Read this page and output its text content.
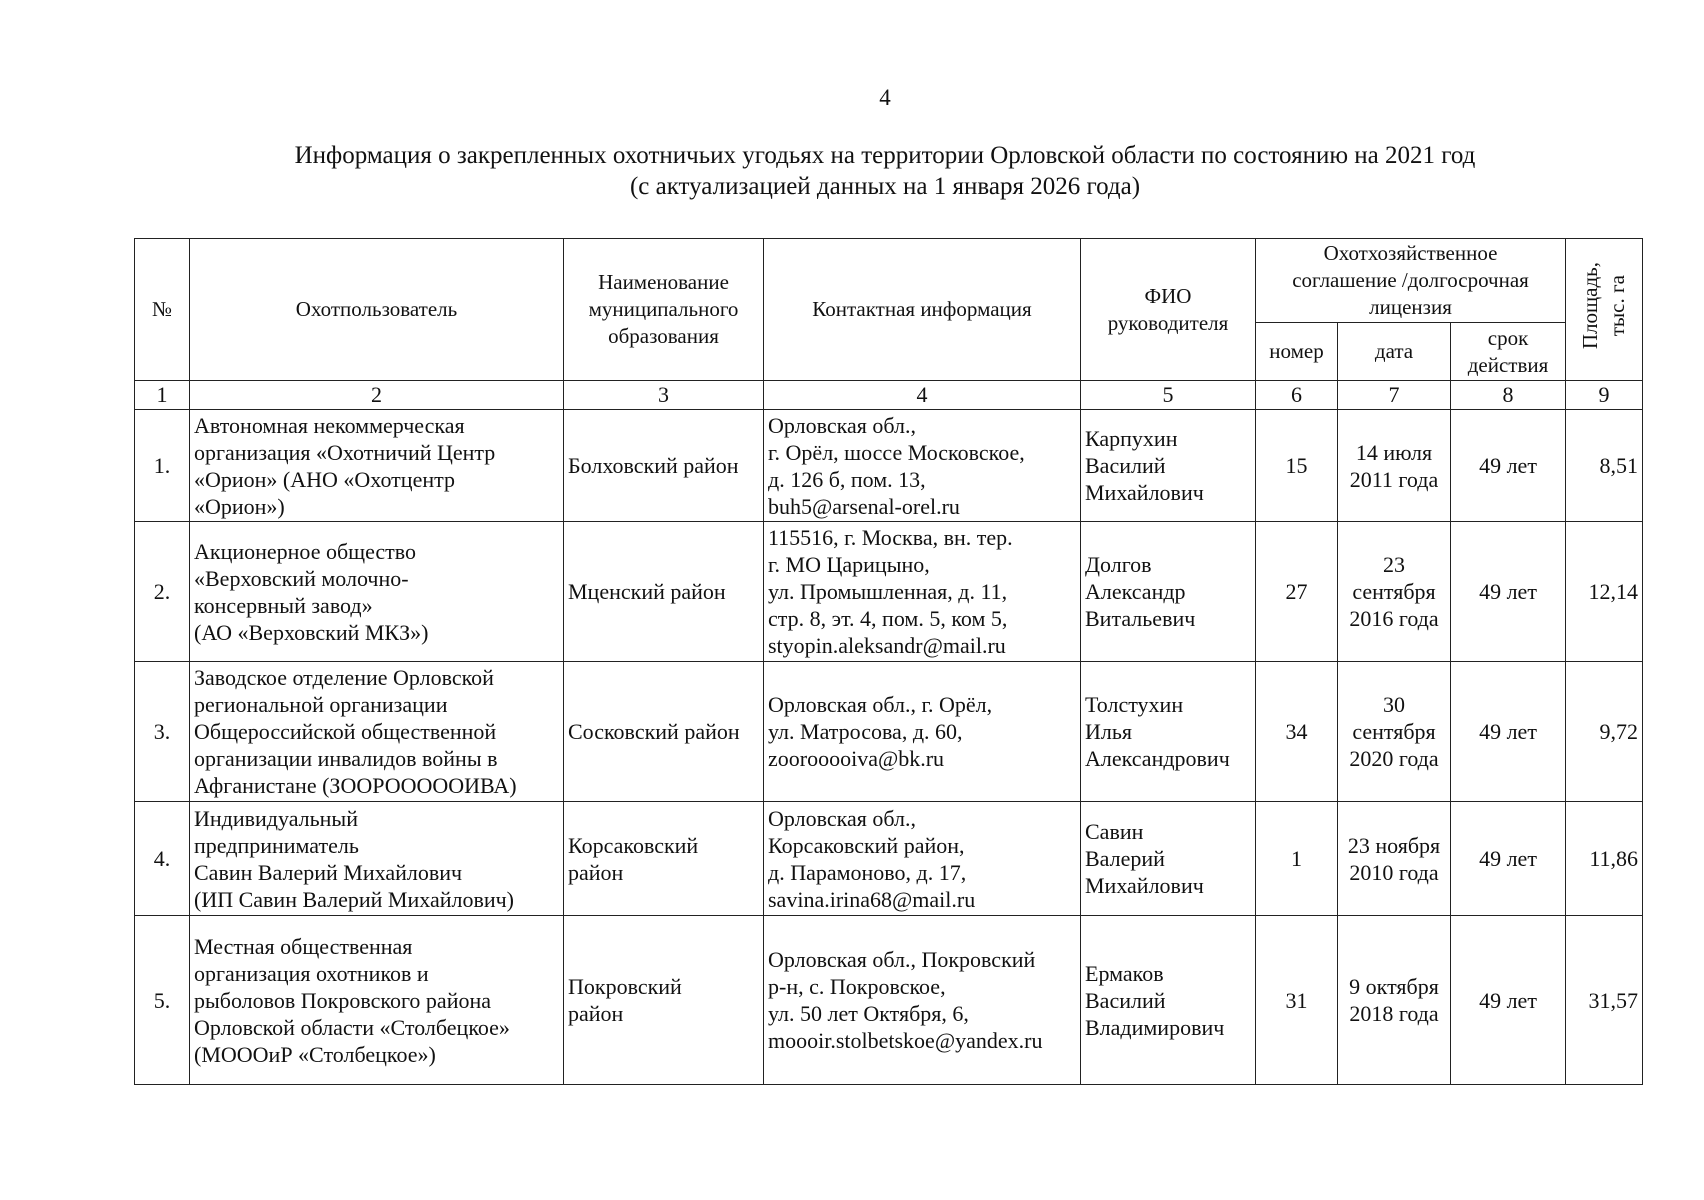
4
Информация о закрепленных охотничьих угодьях на территории Орловской области по состоянию на 2021 год
(с актуализацией данных на 1 января 2026 года)
№	Охотпользователь	Наименование
муниципального
образования	Контактная информация	ФИО
руководителя	Охотхозяйственное
соглашение /долгосрочная
лицензия			Площадь,
тыс. га
					номер	дата	срок
действия	
1	2	3	4	5	6	7	8	9
1.	Автономная некоммерческая
организация «Охотничий Центр
«Орион» (АНО «Охотцентр
«Орион»)	Болховский район	Орловская обл.,
г. Орёл, шоссе Московское,
д. 126 б, пом. 13,
buh5@arsenal-orel.ru	Карпухин
Василий
Михайлович	15	14 июля
2011 года	49 лет	8,51
2.	Акционерное общество
«Верховский молочно-
консервный завод»
(АО «Верховский МКЗ»)	Мценский район	115516, г. Москва, вн. тер.
г. МО Царицыно,
ул. Промышленная, д. 11,
стр. 8, эт. 4, пом. 5, ком 5,
styopin.aleksandr@mail.ru	Долгов
Александр
Витальевич	27	23
сентября
2016 года	49 лет	12,14
3.	Заводское отделение Орловской
региональной организации
Общероссийской общественной
организации инвалидов войны в
Афганистане (ЗООРОООООИВА)	Сосковский район	Орловская обл., г. Орёл,
ул. Матросова, д. 60,
zoorooooiva@bk.ru	Толстухин
Илья
Александрович	34	30
сентября
2020 года	49 лет	9,72
4.	Индивидуальный
предприниматель
Савин Валерий Михайлович
(ИП Савин Валерий Михайлович)	Корсаковский
район	Орловская обл.,
Корсаковский район,
д. Парамоново, д. 17,
savina.irina68@mail.ru	Савин
Валерий
Михайлович	1	23 ноября
2010 года	49 лет	11,86
5.	Местная общественная
организация охотников и
рыболовов Покровского района
Орловской области «Столбецкое»
(МОООиР «Столбецкое»)	Покровский
район	Орловская обл., Покровский
р-н, с. Покровское,
ул. 50 лет Октября, 6,
moooir.stolbetskoe@yandex.ru	Ермаков
Василий
Владимирович	31	9 октября
2018 года	49 лет	31,57
